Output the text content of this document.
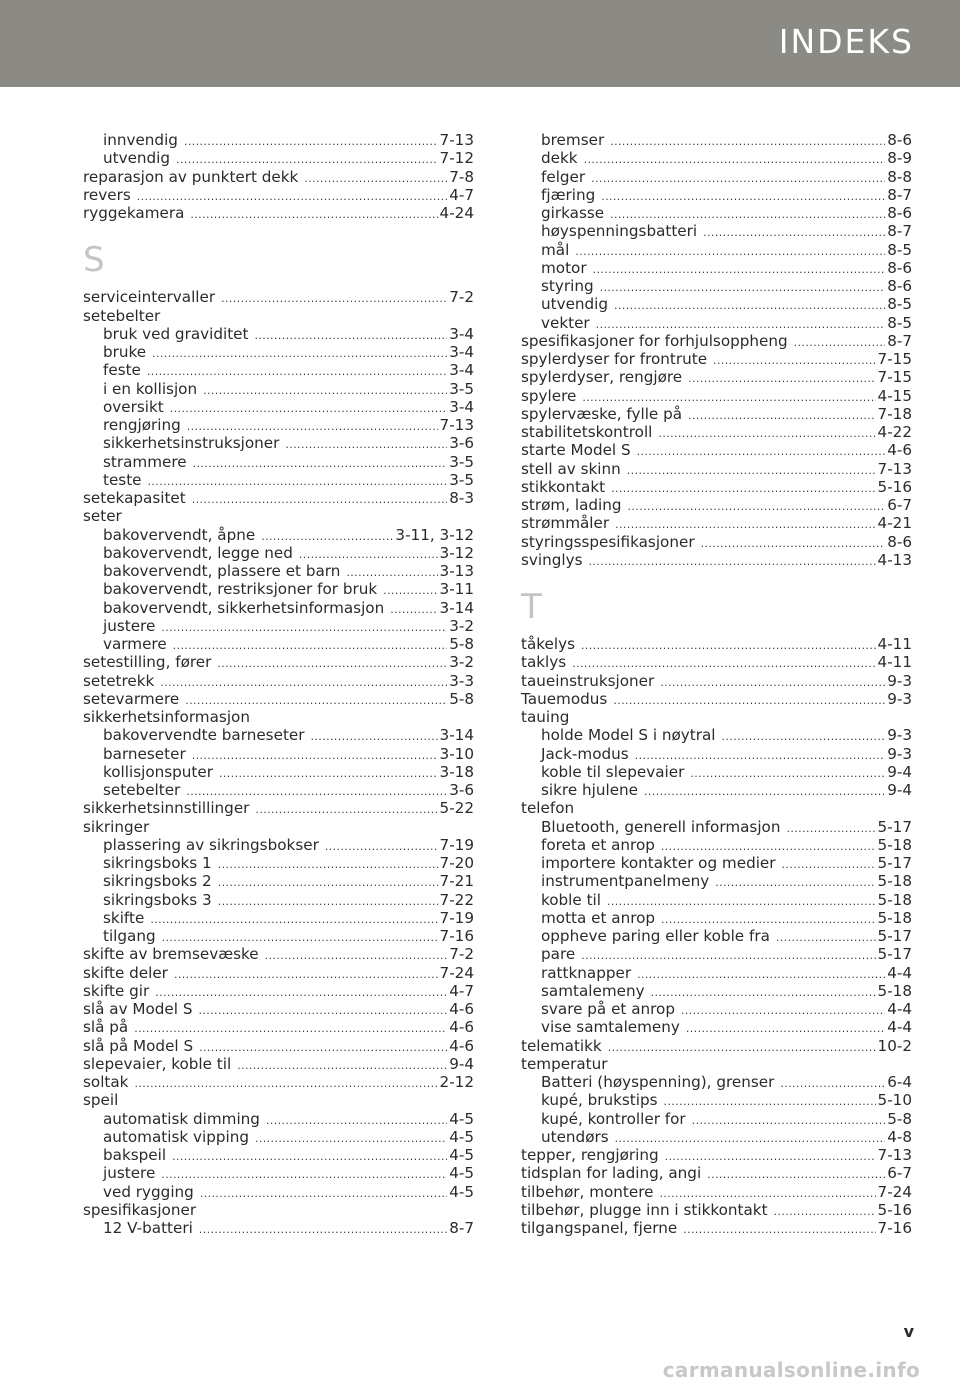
INDEKS
innvendig .....	7-13
utvendig .....	7-12
reparasjon av punktert dekk .....	7-8
revers .....	4-7
ryggekamera .....	4-24
S
serviceintervaller .....	7-2
setebelter
bruk ved graviditet .....	3-4
bruke .....	3-4
feste .....	3-4
i en kollisjon .....	3-5
oversikt .....	3-4
rengjøring .....	7-13
sikkerhetsinstruksjoner .....	3-6
strammere .....	3-5
teste .....	3-5
setekapasitet .....	8-3
seter
bakovervendt, åpne .....	3-11, 3-12
bakovervendt, legge ned .....	3-12
bakovervendt, plassere et barn .....	3-13
bakovervendt, restriksjoner for bruk .....	3-11
bakovervendt, sikkerhetsinformasjon .....	3-14
justere .....	3-2
varmere .....	5-8
setestilling, fører .....	3-2
setetrekk .....	3-3
setevarmere .....	5-8
sikkerhetsinformasjon
bakovervendte barneseter .....	3-14
barneseter .....	3-10
kollisjonsputer .....	3-18
setebelter .....	3-6
sikkerhetsinnstillinger .....	5-22
sikringer
plassering av sikringsbokser .....	7-19
sikringsboks 1 .....	7-20
sikringsboks 2 .....	7-21
sikringsboks 3 .....	7-22
skifte .....	7-19
tilgang .....	7-16
skifte av bremsevæske .....	7-2
skifte deler .....	7-24
skifte gir .....	4-7
slå av Model S .....	4-6
slå på .....	4-6
slå på Model S .....	4-6
slepevaier, koble til .....	9-4
soltak .....	2-12
speil
automatisk dimming .....	4-5
automatisk vipping .....	4-5
bakspeil .....	4-5
justere .....	4-5
ved rygging .....	4-5
spesifikasjoner
12 V-batteri .....	8-7
bremser .....	8-6
dekk .....	8-9
felger .....	8-8
fjæring .....	8-7
girkasse .....	8-6
høyspenningsbatteri .....	8-7
mål .....	8-5
motor .....	8-6
styring .....	8-6
utvendig .....	8-5
vekter .....	8-5
spesifikasjoner for forhjulsoppheng .....	8-7
spylerdyser for frontrute .....	7-15
spylerdyser, rengjøre .....	7-15
spylere .....	4-15
spylervæske, fylle på .....	7-18
stabilitetskontroll .....	4-22
starte Model S .....	4-6
stell av skinn .....	7-13
stikkontakt .....	5-16
strøm, lading .....	6-7
strømmåler .....	4-21
styringsspesifikasjoner .....	8-6
svinglys .....	4-13
T
tåkelys .....	4-11
taklys .....	4-11
taueinstruksjoner .....	9-3
Tauemodus .....	9-3
tauing
holde Model S i nøytral .....	9-3
Jack-modus .....	9-3
koble til slepevaier .....	9-4
sikre hjulene .....	9-4
telefon
Bluetooth, generell informasjon .....	5-17
foreta et anrop .....	5-18
importere kontakter og medier .....	5-17
instrumentpanelmeny .....	5-18
koble til .....	5-18
motta et anrop .....	5-18
oppheve paring eller koble fra .....	5-17
pare .....	5-17
rattknapper .....	4-4
samtalemeny .....	5-18
svare på et anrop .....	4-4
vise samtalemeny .....	4-4
telematikk .....	10-2
temperatur
Batteri (høyspenning), grenser .....	6-4
kupé, brukstips .....	5-10
kupé, kontroller for .....	5-8
utendørs .....	4-8
tepper, rengjøring .....	7-13
tidsplan for lading, angi .....	6-7
tilbehør, montere .....	7-24
tilbehør, plugge inn i stikkontakt .....	5-16
tilgangspanel, fjerne .....	7-16
v
carmanualsonline.info
